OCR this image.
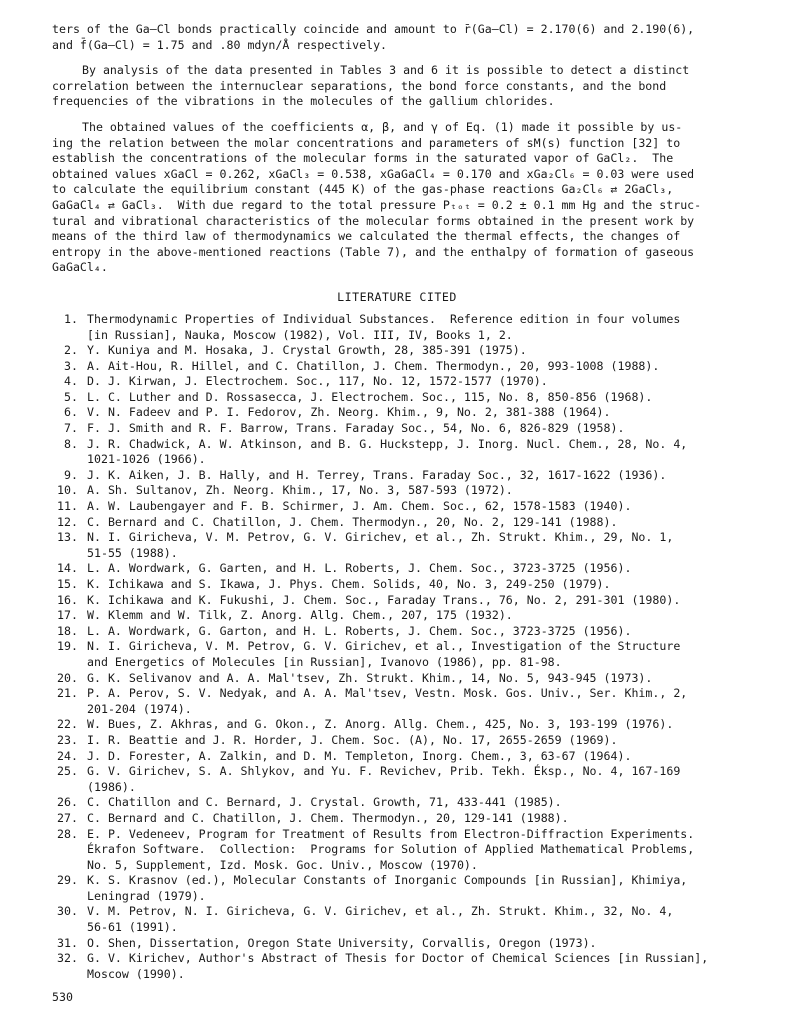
ters of the Ga–Cl bonds practically coincide and amount to r̄(Ga–Cl) = 2.170(6) and 2.190(6),
and f̄(Ga–Cl) = 1.75 and .80 mdyn/Å respectively.
By analysis of the data presented in Tables 3 and 6 it is possible to detect a distinct
correlation between the internuclear separations, the bond force constants, and the bond
frequencies of the vibrations in the molecules of the gallium chlorides.
The obtained values of the coefficients α, β, and γ of Eq. (1) made it possible by us-
ing the relation between the molar concentrations and parameters of sM(s) function [32] to
establish the concentrations of the molecular forms in the saturated vapor of GaCl₂.  The
obtained values xGaCl = 0.262, xGaCl₃ = 0.538, xGaGaCl₄ = 0.170 and xGa₂Cl₆ = 0.03 were used
to calculate the equilibrium constant (445 K) of the gas-phase reactions Ga₂Cl₆ ⇄ 2GaCl₃,
GaGaCl₄ ⇄ GaCl₃.  With due regard to the total pressure Pₜₒₜ = 0.2 ± 0.1 mm Hg and the struc-
tural and vibrational characteristics of the molecular forms obtained in the present work by
means of the third law of thermodynamics we calculated the thermal effects, the changes of
entropy in the above-mentioned reactions (Table 7), and the enthalpy of formation of gaseous
GaGaCl₄.
LITERATURE CITED
1. Thermodynamic Properties of Individual Substances.  Reference edition in four volumes
[in Russian], Nauka, Moscow (1982), Vol. III, IV, Books 1, 2.
2. Y. Kuniya and M. Hosaka, J. Crystal Growth, 28, 385-391 (1975).
3. A. Ait-Hou, R. Hillel, and C. Chatillon, J. Chem. Thermodyn., 20, 993-1008 (1988).
4. D. J. Kirwan, J. Electrochem. Soc., 117, No. 12, 1572-1577 (1970).
5. L. C. Luther and D. Rossasecca, J. Electrochem. Soc., 115, No. 8, 850-856 (1968).
6. V. N. Fadeev and P. I. Fedorov, Zh. Neorg. Khim., 9, No. 2, 381-388 (1964).
7. F. J. Smith and R. F. Barrow, Trans. Faraday Soc., 54, No. 6, 826-829 (1958).
8. J. R. Chadwick, A. W. Atkinson, and B. G. Huckstepp, J. Inorg. Nucl. Chem., 28, No. 4,
1021-1026 (1966).
9. J. K. Aiken, J. B. Hally, and H. Terrey, Trans. Faraday Soc., 32, 1617-1622 (1936).
10. A. Sh. Sultanov, Zh. Neorg. Khim., 17, No. 3, 587-593 (1972).
11. A. W. Laubengayer and F. B. Schirmer, J. Am. Chem. Soc., 62, 1578-1583 (1940).
12. C. Bernard and C. Chatillon, J. Chem. Thermodyn., 20, No. 2, 129-141 (1988).
13. N. I. Giricheva, V. M. Petrov, G. V. Girichev, et al., Zh. Strukt. Khim., 29, No. 1,
51-55 (1988).
14. L. A. Wordwark, G. Garten, and H. L. Roberts, J. Chem. Soc., 3723-3725 (1956).
15. K. Ichikawa and S. Ikawa, J. Phys. Chem. Solids, 40, No. 3, 249-250 (1979).
16. K. Ichikawa and K. Fukushi, J. Chem. Soc., Faraday Trans., 76, No. 2, 291-301 (1980).
17. W. Klemm and W. Tilk, Z. Anorg. Allg. Chem., 207, 175 (1932).
18. L. A. Wordwark, G. Garton, and H. L. Roberts, J. Chem. Soc., 3723-3725 (1956).
19. N. I. Giricheva, V. M. Petrov, G. V. Girichev, et al., Investigation of the Structure
and Energetics of Molecules [in Russian], Ivanovo (1986), pp. 81-98.
20. G. K. Selivanov and A. A. Mal'tsev, Zh. Strukt. Khim., 14, No. 5, 943-945 (1973).
21. P. A. Perov, S. V. Nedyak, and A. A. Mal'tsev, Vestn. Mosk. Gos. Univ., Ser. Khim., 2,
201-204 (1974).
22. W. Bues, Z. Akhras, and G. Okon., Z. Anorg. Allg. Chem., 425, No. 3, 193-199 (1976).
23. I. R. Beattie and J. R. Horder, J. Chem. Soc. (A), No. 17, 2655-2659 (1969).
24. J. D. Forester, A. Zalkin, and D. M. Templeton, Inorg. Chem., 3, 63-67 (1964).
25. G. V. Girichev, S. A. Shlykov, and Yu. F. Revichev, Prib. Tekh. Éksp., No. 4, 167-169
(1986).
26. C. Chatillon and C. Bernard, J. Crystal. Growth, 71, 433-441 (1985).
27. C. Bernard and C. Chatillon, J. Chem. Thermodyn., 20, 129-141 (1988).
28. E. P. Vedeneev, Program for Treatment of Results from Electron-Diffraction Experiments.
Ékrafon Software.  Collection:  Programs for Solution of Applied Mathematical Problems,
No. 5, Supplement, Izd. Mosk. Goc. Univ., Moscow (1970).
29. K. S. Krasnov (ed.), Molecular Constants of Inorganic Compounds [in Russian], Khimiya,
Leningrad (1979).
30. V. M. Petrov, N. I. Giricheva, G. V. Girichev, et al., Zh. Strukt. Khim., 32, No. 4,
56-61 (1991).
31. O. Shen, Dissertation, Oregon State University, Corvallis, Oregon (1973).
32. G. V. Kirichev, Author's Abstract of Thesis for Doctor of Chemical Sciences [in Russian],
Moscow (1990).
530
